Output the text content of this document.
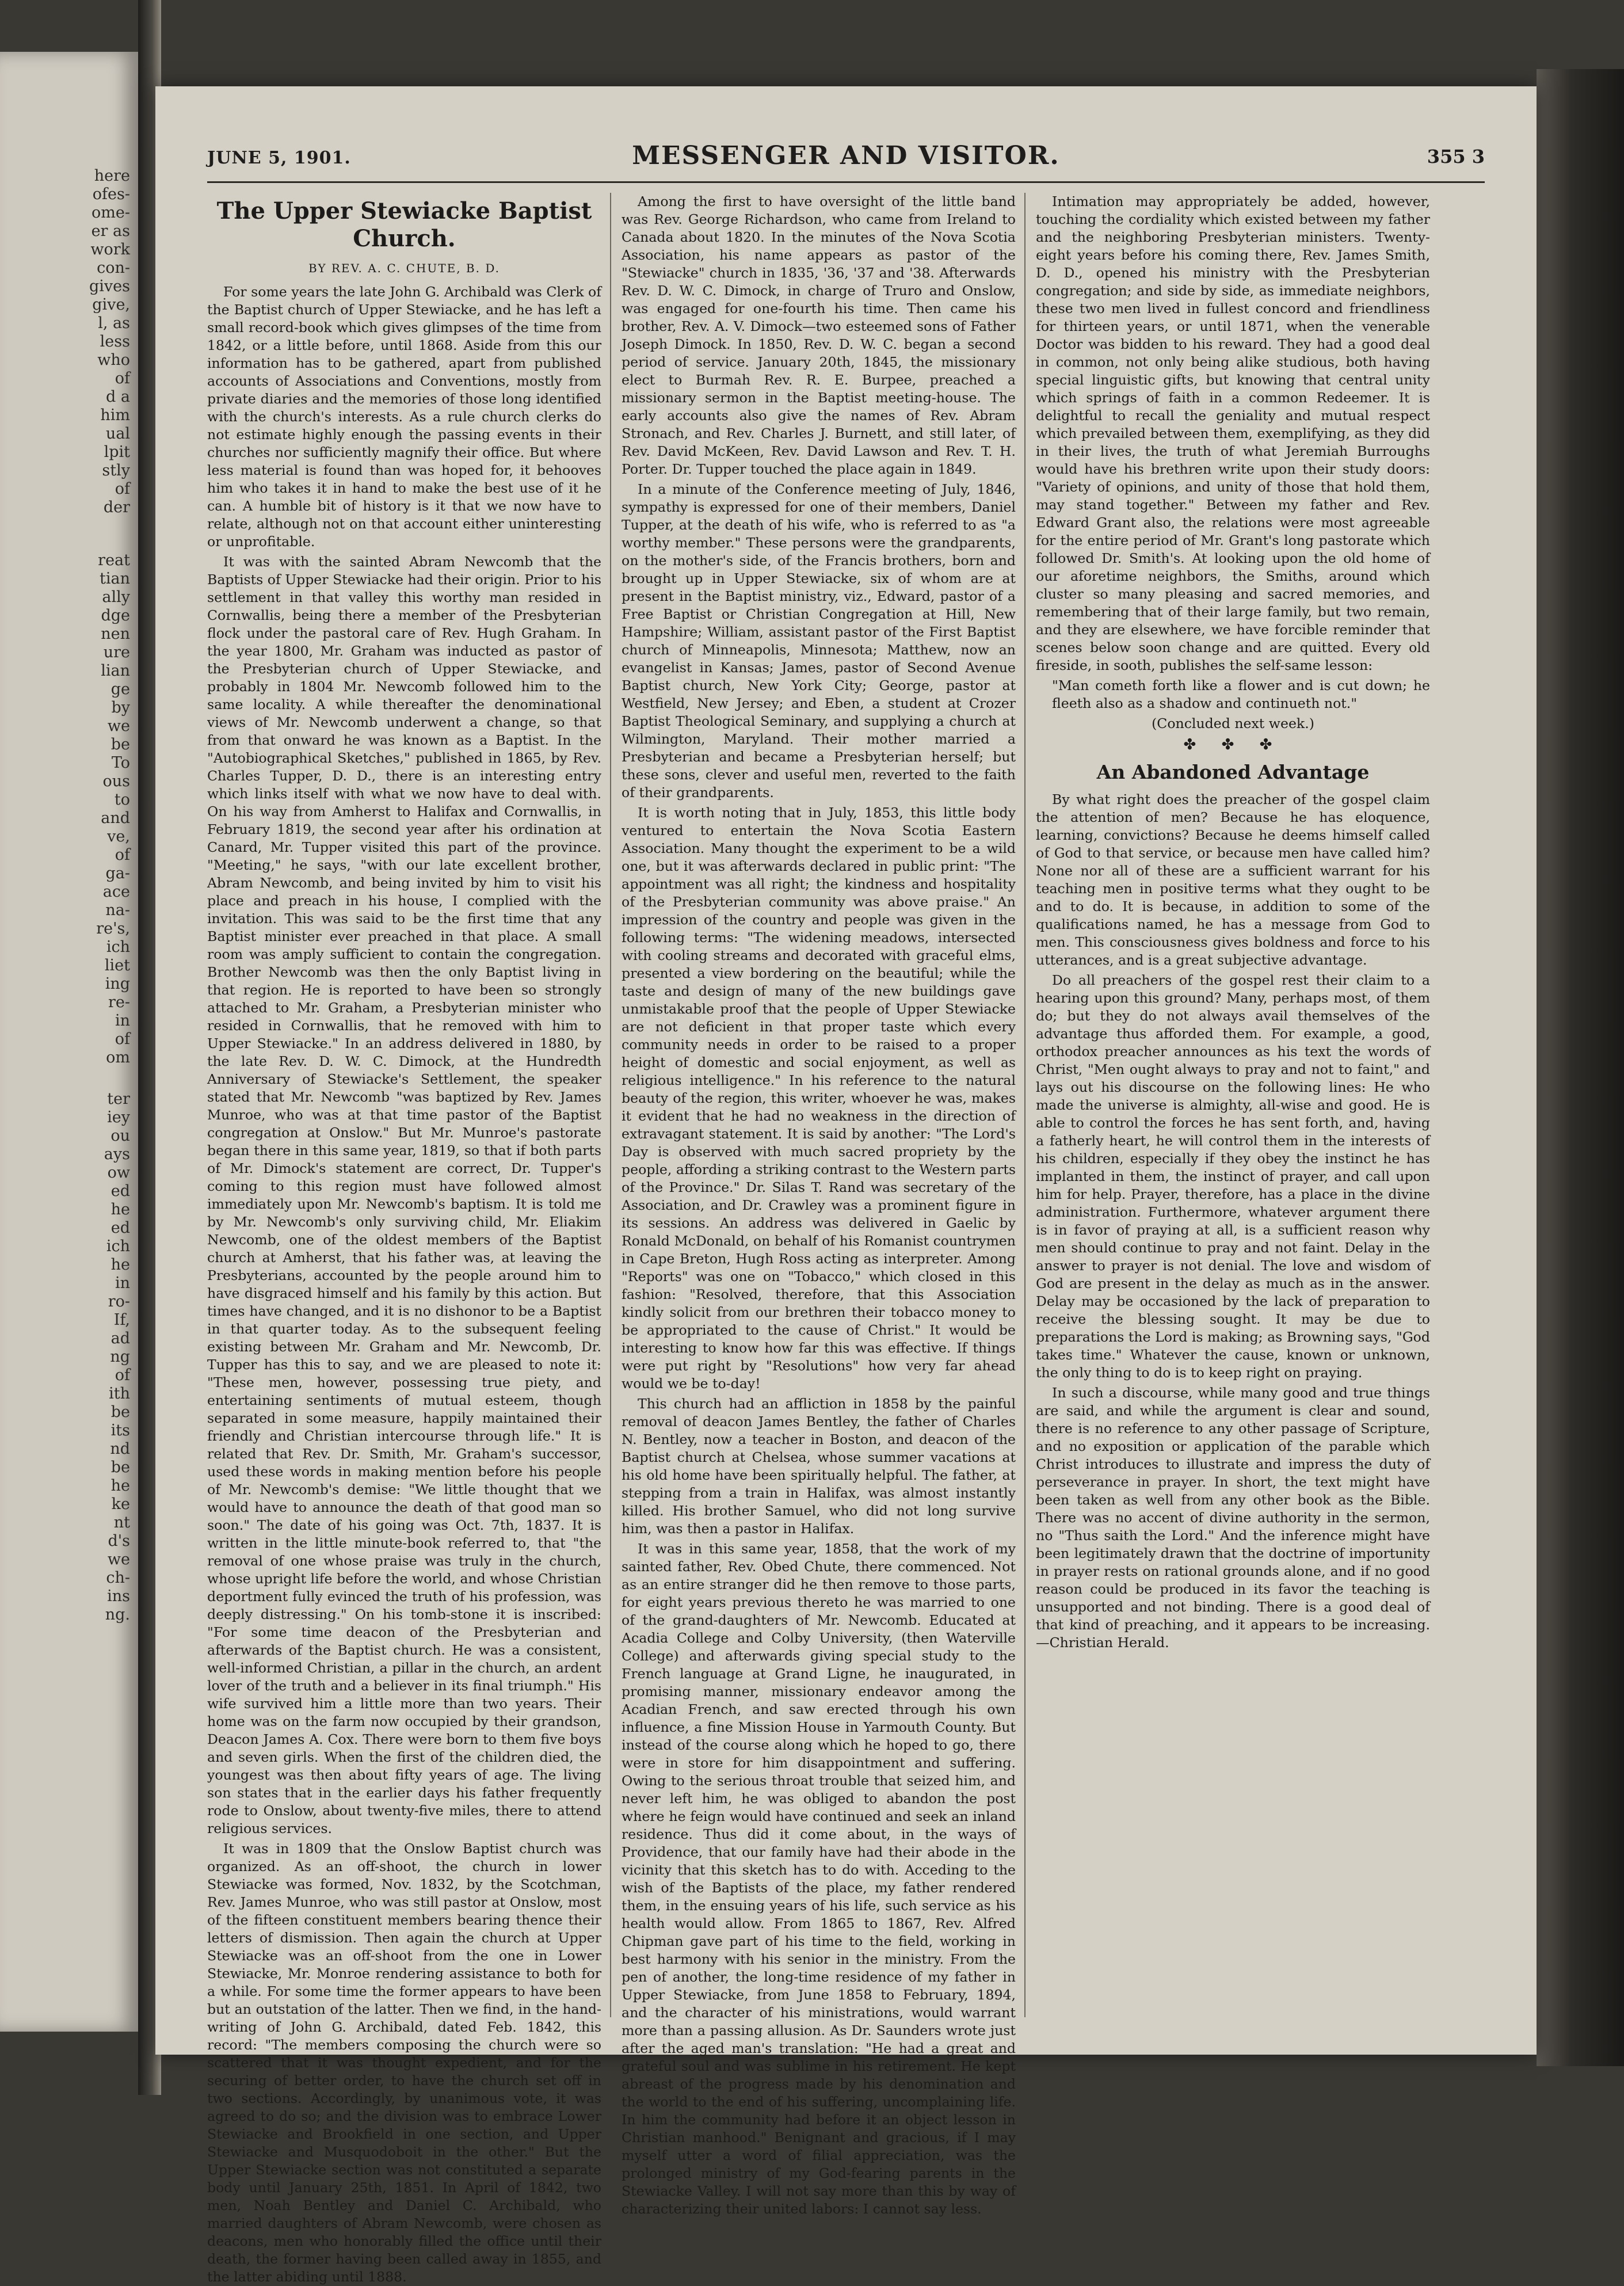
here
ofes-
ome-
er as
work
con-
gives
give,
l, as
less
who
of
d a
him
ual
lpit
stly
of
der
reat
tian
ally
dge
nen
ure
lian
ge
by
we
be
To
ous
to
and
ve,
of
ga-
ace
na-
re's,
ich
liet
ing
re-
in
of
om
ter
iey
ou
ays
ow
ed
he
ed
ich
he
in
ro-
If,
ad
ng
of
ith
be
its
nd
be
he
ke
nt
d's
we
ch-
ins
ng.
JUNE 5, 1901.	MESSENGER AND VISITOR.	355 3
The Upper Stewiacke Baptist Church.
BY REV. A. C. CHUTE, B. D.

For some years the late John G. Archibald was Clerk of the Baptist church of Upper Stewiacke, and he has left a small record-book which gives glimpses of the time from 1842, or a little before, until 1868. Aside from this our information has to be gathered, apart from published accounts of Associations and Conventions, mostly from private diaries and the memories of those long identified with the church's interests. As a rule church clerks do not estimate highly enough the passing events in their churches nor sufficiently magnify their office. But where less material is found than was hoped for, it behooves him who takes it in hand to make the best use of it he can. A humble bit of history is it that we now have to relate, although not on that account either uninteresting or unprofitable.

It was with the sainted Abram Newcomb that the Baptists of Upper Stewiacke had their origin. Prior to his settlement in that valley this worthy man resided in Cornwallis, being there a member of the Presbyterian flock under the pastoral care of Rev. Hugh Graham. In the year 1800, Mr. Graham was inducted as pastor of the Presbyterian church of Upper Stewiacke, and probably in 1804 Mr. Newcomb followed him to the same locality. A while thereafter the denominational views of Mr. Newcomb underwent a change, so that from that onward he was known as a Baptist. In the "Autobiographical Sketches," published in 1865, by Rev. Charles Tupper, D. D., there is an interesting entry which links itself with what we now have to deal with. On his way from Amherst to Halifax and Cornwallis, in February 1819, the second year after his ordination at Canard, Mr. Tupper visited this part of the province. "Meeting," he says, "with our late excellent brother, Abram Newcomb, and being invited by him to visit his place and preach in his house, I complied with the invitation. This was said to be the first time that any Baptist minister ever preached in that place. A small room was amply sufficient to contain the congregation. Brother Newcomb was then the only Baptist living in that region. He is reported to have been so strongly attached to Mr. Graham, a Presbyterian minister who resided in Cornwallis, that he removed with him to Upper Stewiacke." In an address delivered in 1880, by the late Rev. D. W. C. Dimock, at the Hundredth Anniversary of Stewiacke's Settlement, the speaker stated that Mr. Newcomb "was baptized by Rev. James Munroe, who was at that time pastor of the Baptist congregation at Onslow." But Mr. Munroe's pastorate began there in this same year, 1819, so that if both parts of Mr. Dimock's statement are correct, Dr. Tupper's coming to this region must have followed almost immediately upon Mr. Newcomb's baptism. It is told me by Mr. Newcomb's only surviving child, Mr. Eliakim Newcomb, one of the oldest members of the Baptist church at Amherst, that his father was, at leaving the Presbyterians, accounted by the people around him to have disgraced himself and his family by this action. But times have changed, and it is no dishonor to be a Baptist in that quarter today. As to the subsequent feeling existing between Mr. Graham and Mr. Newcomb, Dr. Tupper has this to say, and we are pleased to note it: "These men, however, possessing true piety, and entertaining sentiments of mutual esteem, though separated in some measure, happily maintained their friendly and Christian intercourse through life." It is related that Rev. Dr. Smith, Mr. Graham's successor, used these words in making mention before his people of Mr. Newcomb's demise: "We little thought that we would have to announce the death of that good man so soon." The date of his going was Oct. 7th, 1837. It is written in the little minute-book referred to, that "the removal of one whose praise was truly in the church, whose upright life before the world, and whose Christian deportment fully evinced the truth of his profession, was deeply distressing." On his tomb-stone it is inscribed: "For some time deacon of the Presbyterian and afterwards of the Baptist church. He was a consistent, well-informed Christian, a pillar in the church, an ardent lover of the truth and a believer in its final triumph." His wife survived him a little more than two years. Their home was on the farm now occupied by their grandson, Deacon James A. Cox. There were born to them five boys and seven girls. When the first of the children died, the youngest was then about fifty years of age. The living son states that in the earlier days his father frequently rode to Onslow, about twenty-five miles, there to attend religious services.

It was in 1809 that the Onslow Baptist church was organized. As an off-shoot, the church in lower Stewiacke was formed, Nov. 1832, by the Scotchman, Rev. James Munroe, who was still pastor at Onslow, most of the fifteen constituent members bearing thence their letters of dismission. Then again the church at Upper Stewiacke was an off-shoot from the one in Lower Stewiacke, Mr. Monroe rendering assistance to both for a while. For some time the former appears to have been but an outstation of the latter. Then we find, in the hand-writing of John G. Archibald, dated Feb. 1842, this record: "The members composing the church were so scattered that it was thought expedient, and for the securing of better order, to have the church set off in two sections. Accordingly, by unanimous vote, it was agreed to do so; and the division was to embrace Lower Stewiacke and Brookfield in one section, and Upper Stewiacke and Musquodoboit in the other." But the Upper Stewiacke section was not constituted a separate body until January 25th, 1851. In April of 1842, two men, Noah Bentley and Daniel C. Archibald, who married daughters of Abram Newcomb, were chosen as deacons, men who honorably filled the office until their death, the former having been called away in 1855, and the latter abiding until 1888.

Among the first to have oversight of the little band was Rev. George Richardson, who came from Ireland to Canada about 1820. In the minutes of the Nova Scotia Association, his name appears as pastor of the "Stewiacke" church in 1835, '36, '37 and '38. Afterwards Rev. D. W. C. Dimock, in charge of Truro and Onslow, was engaged for one-fourth his time. Then came his brother, Rev. A. V. Dimock—two esteemed sons of Father Joseph Dimock. In 1850, Rev. D. W. C. began a second period of service. January 20th, 1845, the missionary elect to Burmah Rev. R. E. Burpee, preached a missionary sermon in the Baptist meeting-house. The early accounts also give the names of Rev. Abram Stronach, and Rev. Charles J. Burnett, and still later, of Rev. David McKeen, Rev. David Lawson and Rev. T. H. Porter. Dr. Tupper touched the place again in 1849.

In a minute of the Conference meeting of July, 1846, sympathy is expressed for one of their members, Daniel Tupper, at the death of his wife, who is referred to as "a worthy member." These persons were the grandparents, on the mother's side, of the Francis brothers, born and brought up in Upper Stewiacke, six of whom are at present in the Baptist ministry, viz., Edward, pastor of a Free Baptist or Christian Congregation at Hill, New Hampshire; William, assistant pastor of the First Baptist church of Minneapolis, Minnesota; Matthew, now an evangelist in Kansas; James, pastor of Second Avenue Baptist church, New York City; George, pastor at Westfield, New Jersey; and Eben, a student at Crozer Baptist Theological Seminary, and supplying a church at Wilmington, Maryland. Their mother married a Presbyterian and became a Presbyterian herself; but these sons, clever and useful men, reverted to the faith of their grandparents.

It is worth noting that in July, 1853, this little body ventured to entertain the Nova Scotia Eastern Association. Many thought the experiment to be a wild one, but it was afterwards declared in public print: "The appointment was all right; the kindness and hospitality of the Presbyterian community was above praise." An impression of the country and people was given in the following terms: "The widening meadows, intersected with cooling streams and decorated with graceful elms, presented a view bordering on the beautiful; while the taste and design of many of the new buildings gave unmistakable proof that the people of Upper Stewiacke are not deficient in that proper taste which every community needs in order to be raised to a proper height of domestic and social enjoyment, as well as religious intelligence." In his reference to the natural beauty of the region, this writer, whoever he was, makes it evident that he had no weakness in the direction of extravagant statement. It is said by another: "The Lord's Day is observed with much sacred propriety by the people, affording a striking contrast to the Western parts of the Province." Dr. Silas T. Rand was secretary of the Association, and Dr. Crawley was a prominent figure in its sessions. An address was delivered in Gaelic by Ronald McDonald, on behalf of his Romanist countrymen in Cape Breton, Hugh Ross acting as interpreter. Among "Reports" was one on "Tobacco," which closed in this fashion: "Resolved, therefore, that this Association kindly solicit from our brethren their tobacco money to be appropriated to the cause of Christ." It would be interesting to know how far this was effective. If things were put right by "Resolutions" how very far ahead would we be to-day!

This church had an affliction in 1858 by the painful removal of deacon James Bentley, the father of Charles N. Bentley, now a teacher in Boston, and deacon of the Baptist church at Chelsea, whose summer vacations at his old home have been spiritually helpful. The father, at stepping from a train in Halifax, was almost instantly killed. His brother Samuel, who did not long survive him, was then a pastor in Halifax.

It was in this same year, 1858, that the work of my sainted father, Rev. Obed Chute, there commenced. Not as an entire stranger did he then remove to those parts, for eight years previous thereto he was married to one of the grand-daughters of Mr. Newcomb. Educated at Acadia College and Colby University, (then Waterville College) and afterwards giving special study to the French language at Grand Ligne, he inaugurated, in promising manner, missionary endeavor among the Acadian French, and saw erected through his own influence, a fine Mission House in Yarmouth County. But instead of the course along which he hoped to go, there were in store for him disappointment and suffering. Owing to the serious throat trouble that seized him, and never left him, he was obliged to abandon the post where he feign would have continued and seek an inland residence. Thus did it come about, in the ways of Providence, that our family have had their abode in the vicinity that this sketch has to do with. Acceding to the wish of the Baptists of the place, my father rendered them, in the ensuing years of his life, such service as his health would allow. From 1865 to 1867, Rev. Alfred Chipman gave part of his time to the field, working in best harmony with his senior in the ministry. From the pen of another, the long-time residence of my father in Upper Stewiacke, from June 1858 to February, 1894, and the character of his ministrations, would warrant more than a passing allusion. As Dr. Saunders wrote just after the aged man's translation: "He had a great and grateful soul and was sublime in his retirement. He kept abreast of the progress made by his denomination and the world to the end of his suffering, uncomplaining life. In him the community had before it an object lesson in Christian manhood." Benignant and gracious, if I may myself utter a word of filial appreciation, was the prolonged ministry of my God-fearing parents in the Stewiacke Valley. I will not say more than this by way of characterizing their united labors: I cannot say less.

Intimation may appropriately be added, however, touching the cordiality which existed between my father and the neighboring Presbyterian ministers. Twenty-eight years before his coming there, Rev. James Smith, D. D., opened his ministry with the Presbyterian congregation; and side by side, as immediate neighbors, these two men lived in fullest concord and friendliness for thirteen years, or until 1871, when the venerable Doctor was bidden to his reward. They had a good deal in common, not only being alike studious, both having special linguistic gifts, but knowing that central unity which springs of faith in a common Redeemer. It is delightful to recall the geniality and mutual respect which prevailed between them, exemplifying, as they did in their lives, the truth of what Jeremiah Burroughs would have his brethren write upon their study doors: "Variety of opinions, and unity of those that hold them, may stand together." Between my father and Rev. Edward Grant also, the relations were most agreeable for the entire period of Mr. Grant's long pastorate which followed Dr. Smith's. At looking upon the old home of our aforetime neighbors, the Smiths, around which cluster so many pleasing and sacred memories, and remembering that of their large family, but two remain, and they are elsewhere, we have forcible reminder that scenes below soon change and are quitted. Every old fireside, in sooth, publishes the self-same lesson:

"Man cometh forth like a flower and is cut down; he fleeth also as a shadow and continueth not."

(Concluded next week.)

✤ ✤ ✤
An Abandoned Advantage

By what right does the preacher of the gospel claim the attention of men? Because he has eloquence, learning, convictions? Because he deems himself called of God to that service, or because men have called him? None nor all of these are a sufficient warrant for his teaching men in positive terms what they ought to be and to do. It is because, in addition to some of the qualifications named, he has a message from God to men. This consciousness gives boldness and force to his utterances, and is a great subjective advantage.

Do all preachers of the gospel rest their claim to a hearing upon this ground? Many, perhaps most, of them do; but they do not always avail themselves of the advantage thus afforded them. For example, a good, orthodox preacher announces as his text the words of Christ, "Men ought always to pray and not to faint," and lays out his discourse on the following lines: He who made the universe is almighty, all-wise and good. He is able to control the forces he has sent forth, and, having a fatherly heart, he will control them in the interests of his children, especially if they obey the instinct he has implanted in them, the instinct of prayer, and call upon him for help. Prayer, therefore, has a place in the divine administration. Furthermore, whatever argument there is in favor of praying at all, is a sufficient reason why men should continue to pray and not faint. Delay in the answer to prayer is not denial. The love and wisdom of God are present in the delay as much as in the answer. Delay may be occasioned by the lack of preparation to receive the blessing sought. It may be due to preparations the Lord is making; as Browning says, "God takes time." Whatever the cause, known or unknown, the only thing to do is to keep right on praying.

In such a discourse, while many good and true things are said, and while the argument is clear and sound, there is no reference to any other passage of Scripture, and no exposition or application of the parable which Christ introduces to illustrate and impress the duty of perseverance in prayer. In short, the text might have been taken as well from any other book as the Bible. There was no accent of divine authority in the sermon, no "Thus saith the Lord." And the inference might have been legitimately drawn that the doctrine of importunity in prayer rests on rational grounds alone, and if no good reason could be produced in its favor the teaching is unsupported and not binding. There is a good deal of that kind of preaching, and it appears to be increasing.—Christian Herald.
